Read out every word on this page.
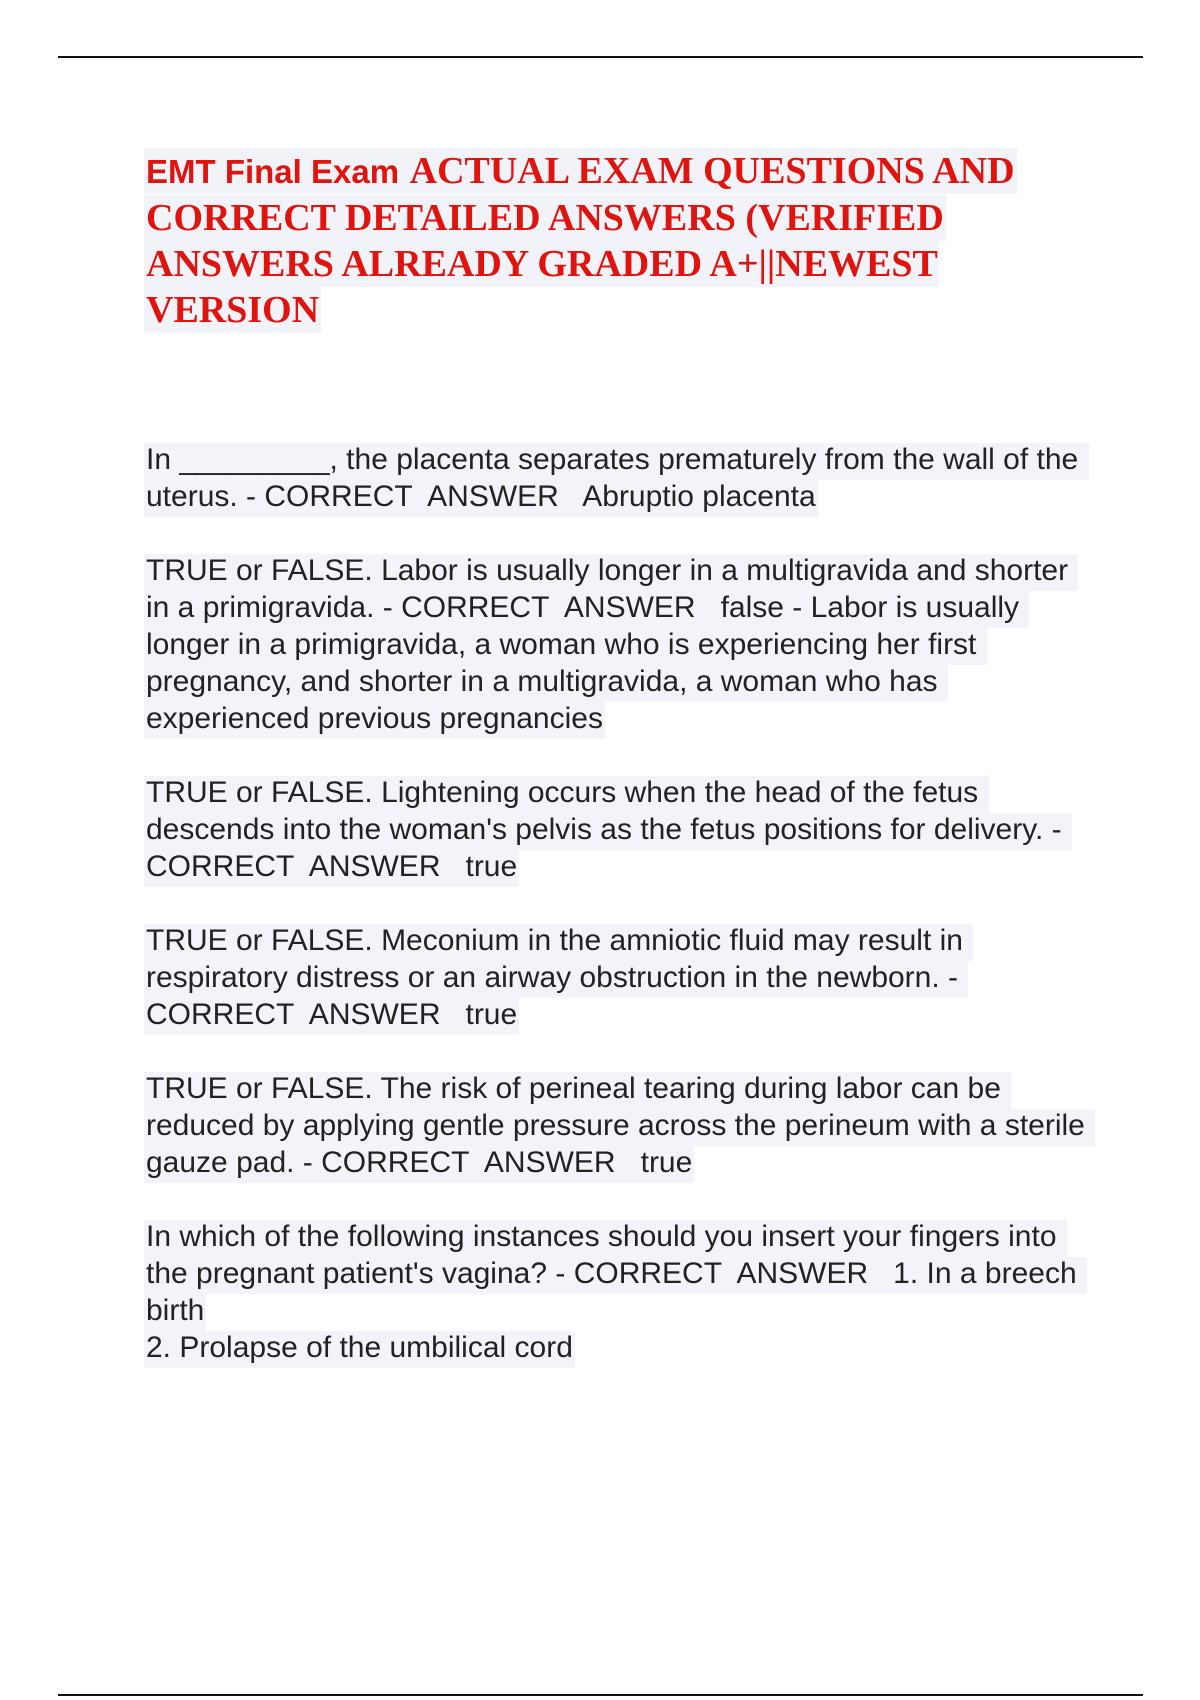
EMT Final Exam ACTUAL EXAM QUESTIONS AND CORRECT DETAILED ANSWERS (VERIFIED ANSWERS ALREADY GRADED A+||NEWEST VERSION

In _________, the placenta separates prematurely from the wall of the uterus. - CORRECT  ANSWER   Abruptio placenta

TRUE or FALSE. Labor is usually longer in a multigravida and shorter in a primigravida. - CORRECT  ANSWER   false - Labor is usually longer in a primigravida, a woman who is experiencing her first pregnancy, and shorter in a multigravida, a woman who has experienced previous pregnancies

TRUE or FALSE. Lightening occurs when the head of the fetus descends into the woman's pelvis as the fetus positions for delivery. - CORRECT  ANSWER   true

TRUE or FALSE. Meconium in the amniotic fluid may result in respiratory distress or an airway obstruction in the newborn. - CORRECT  ANSWER   true

TRUE or FALSE. The risk of perineal tearing during labor can be reduced by applying gentle pressure across the perineum with a sterile gauze pad. - CORRECT  ANSWER   true

In which of the following instances should you insert your fingers into the pregnant patient's vagina? - CORRECT  ANSWER   1. In a breech birth
2. Prolapse of the umbilical cord
